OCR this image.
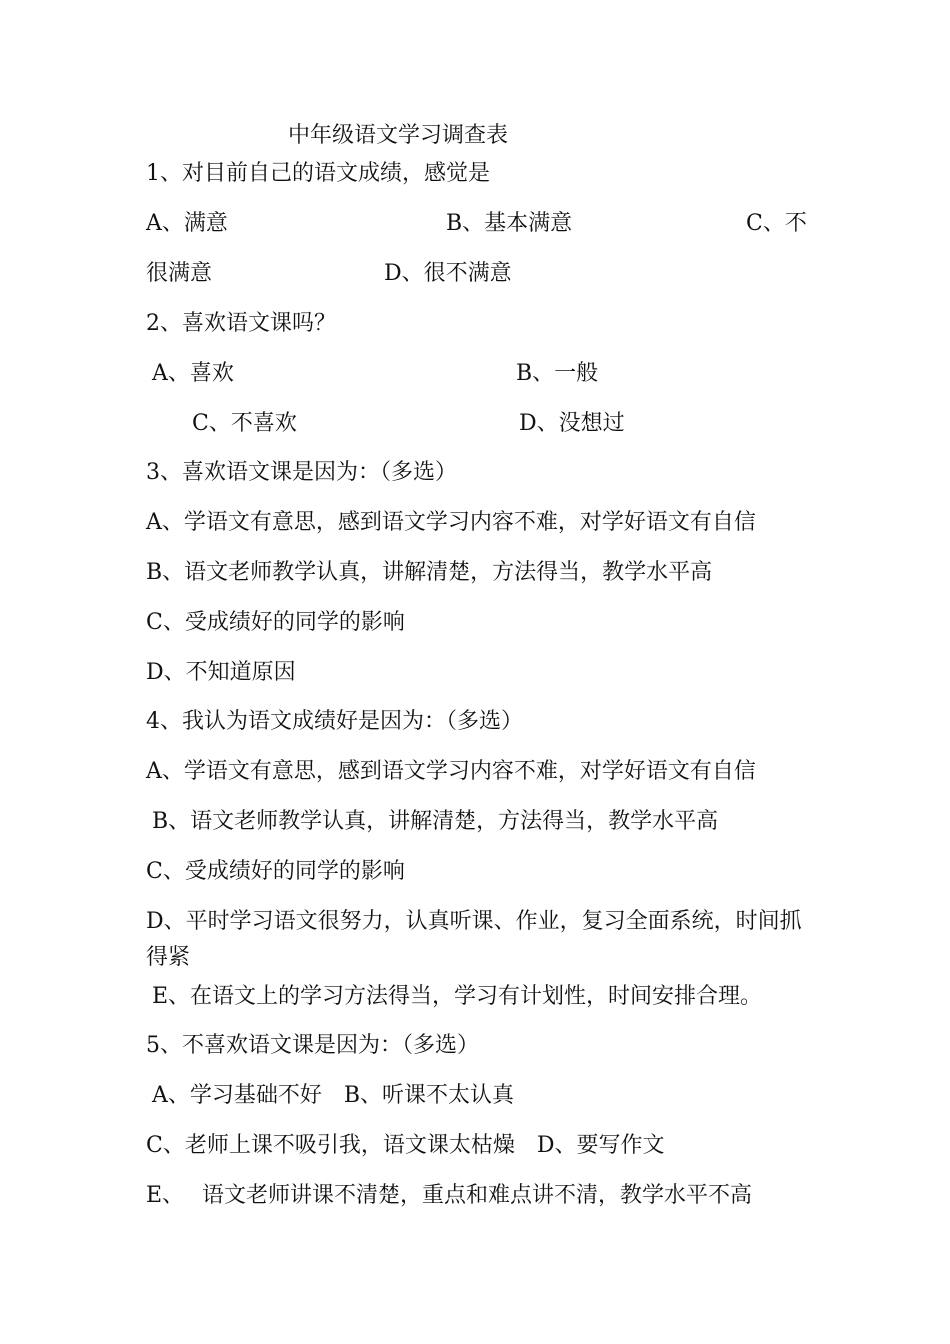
中年级语文学习调查表
1、对目前自己的语文成绩，感觉是
A、满意	B、基本满意	C、不
很满意	D、很不满意
2、喜欢语文课吗？
A、喜欢	B、一般
C、不喜欢	D、没想过
3、喜欢语文课是因为：（多选）
A、学语文有意思，感到语文学习内容不难，对学好语文有自信
B、语文老师教学认真，讲解清楚，方法得当，教学水平高
C、受成绩好的同学的影响
D、不知道原因
4、我认为语文成绩好是因为：（多选）
A、学语文有意思，感到语文学习内容不难，对学好语文有自信
B、语文老师教学认真，讲解清楚，方法得当，教学水平高
C、受成绩好的同学的影响
D、平时学习语文很努力，认真听课、作业，复习全面系统，时间抓
得紧
E、在语文上的学习方法得当，学习有计划性，时间安排合理。
5、不喜欢语文课是因为：（多选）
A、学习基础不好　B、听课不太认真
C、老师上课不吸引我，语文课太枯燥　D、要写作文
E、 语文老师讲课不清楚，重点和难点讲不清，教学水平不高
